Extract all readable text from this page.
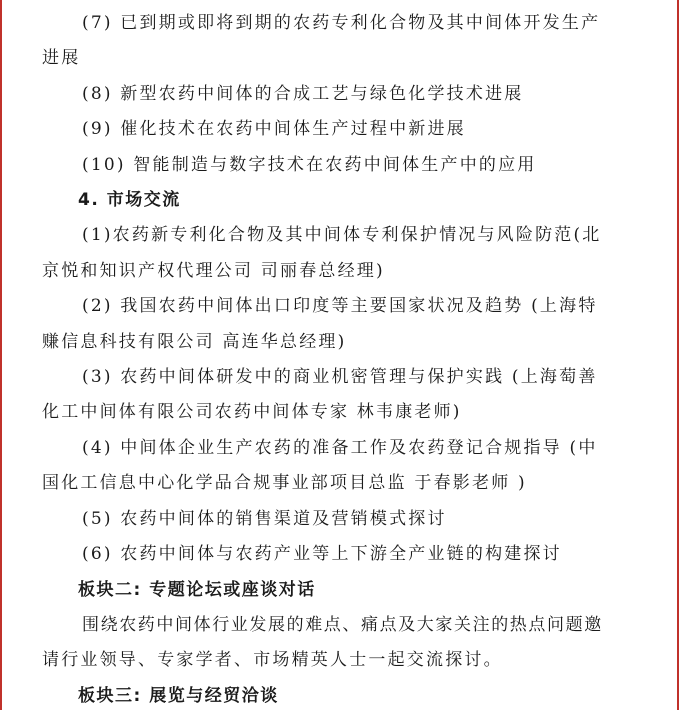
(7) 已到期或即将到期的农药专利化合物及其中间体开发生产
进展
(8) 新型农药中间体的合成工艺与绿色化学技术进展
(9) 催化技术在农药中间体生产过程中新进展
(10) 智能制造与数字技术在农药中间体生产中的应用
4. 市场交流
(1)农药新专利化合物及其中间体专利保护情况与风险防范(北
京悦和知识产权代理公司 司丽春总经理)
(2) 我国农药中间体出口印度等主要国家状况及趋势 (上海特
赚信息科技有限公司 高连华总经理)
(3) 农药中间体研发中的商业机密管理与保护实践 (上海萄善
化工中间体有限公司农药中间体专家 林韦康老师)
(4) 中间体企业生产农药的准备工作及农药登记合规指导 (中
国化工信息中心化学品合规事业部项目总监 于春影老师 )
(5) 农药中间体的销售渠道及营销模式探讨
(6) 农药中间体与农药产业等上下游全产业链的构建探讨
板块二: 专题论坛或座谈对话
围绕农药中间体行业发展的难点、痛点及大家关注的热点问题邀
请行业领导、专家学者、市场精英人士一起交流探讨。
板块三: 展览与经贸洽谈
